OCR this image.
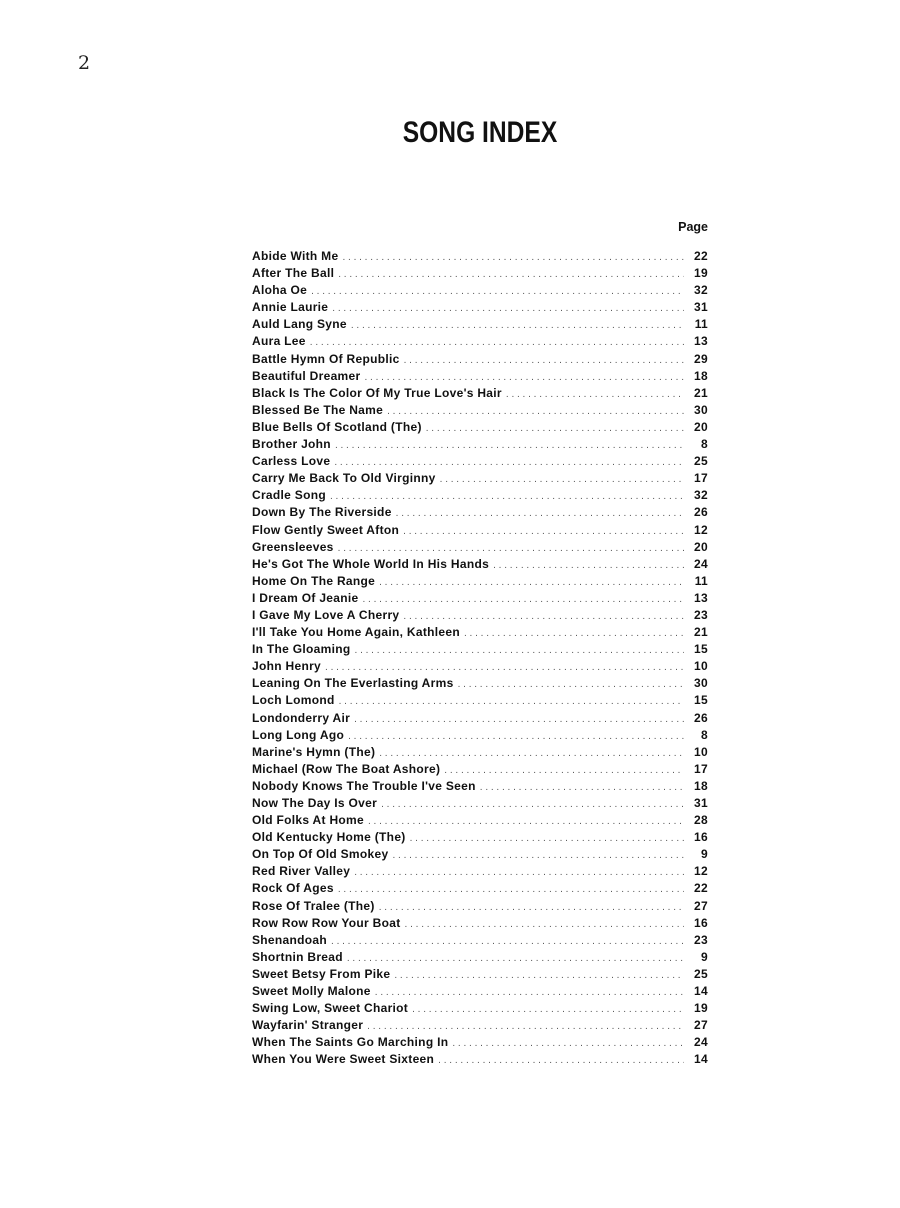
2
SONG INDEX
Page
Abide With Me . . .	22
After The Ball . . .	19
Aloha Oe . . .	32
Annie Laurie . . .	31
Auld Lang Syne . . .	11
Aura Lee . . .	13
Battle Hymn Of Republic . . .	29
Beautiful Dreamer . . .	18
Black Is The Color Of My True Love's Hair . . .	21
Blessed Be The Name . . .	30
Blue Bells Of Scotland (The) . . .	20
Brother John . . .	8
Carless Love . . .	25
Carry Me Back To Old Virginny . . .	17
Cradle Song . . .	32
Down By The Riverside . . .	26
Flow Gently Sweet Afton . . .	12
Greensleeves . . .	20
He's Got The Whole World In His Hands . . .	24
Home On The Range . . .	11
I Dream Of Jeanie . . .	13
I Gave My Love A Cherry . . .	23
I'll Take You Home Again, Kathleen . . .	21
In The Gloaming . . .	15
John Henry . . .	10
Leaning On The Everlasting Arms . . .	30
Loch Lomond . . .	15
Londonderry Air . . .	26
Long Long Ago . . .	8
Marine's Hymn (The) . . .	10
Michael (Row The Boat Ashore) . . .	17
Nobody Knows The Trouble I've Seen . . .	18
Now The Day Is Over . . .	31
Old Folks At Home . . .	28
Old Kentucky Home (The) . . .	16
On Top Of Old Smokey . . .	9
Red River Valley . . .	12
Rock Of Ages . . .	22
Rose Of Tralee (The) . . .	27
Row Row Row Your Boat . . .	16
Shenandoah . . .	23
Shortnin Bread . . .	9
Sweet Betsy From Pike . . .	25
Sweet Molly Malone . . .	14
Swing Low, Sweet Chariot . . .	19
Wayfarin' Stranger . . .	27
When The Saints Go Marching In . . .	24
When You Were Sweet Sixteen . . .	14
